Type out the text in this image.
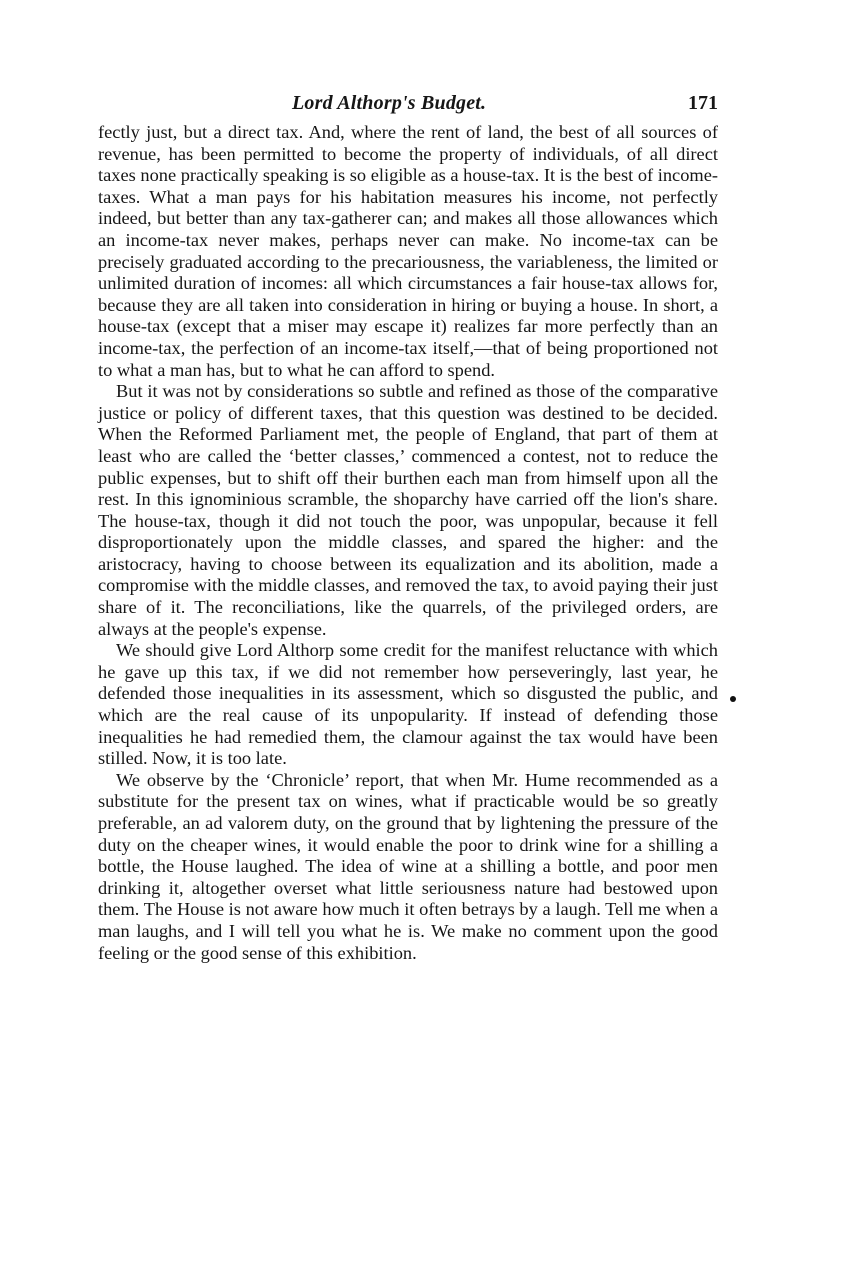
Lord Althorp's Budget.	171

fectly just, but a direct tax. And, where the rent of land, the best of all sources of revenue, has been permitted to become the property of individuals, of all direct taxes none practically speaking is so eligible as a house-tax. It is the best of income-taxes. What a man pays for his habitation measures his income, not perfectly indeed, but better than any tax-gatherer can; and makes all those allowances which an income-tax never makes, perhaps never can make. No income-tax can be precisely graduated according to the precariousness, the variableness, the limited or unlimited duration of incomes: all which circumstances a fair house-tax allows for, because they are all taken into consideration in hiring or buying a house. In short, a house-tax (except that a miser may escape it) realizes far more perfectly than an income-tax, the perfection of an income-tax itself,—that of being proportioned not to what a man has, but to what he can afford to spend.

But it was not by considerations so subtle and refined as those of the comparative justice or policy of different taxes, that this question was destined to be decided. When the Reformed Parliament met, the people of England, that part of them at least who are called the ‘better classes,’ commenced a contest, not to reduce the public expenses, but to shift off their burthen each man from himself upon all the rest. In this ignominious scramble, the shoparchy have carried off the lion's share. The house-tax, though it did not touch the poor, was unpopular, because it fell disproportionately upon the middle classes, and spared the higher: and the aristocracy, having to choose between its equalization and its abolition, made a compromise with the middle classes, and removed the tax, to avoid paying their just share of it. The reconciliations, like the quarrels, of the privileged orders, are always at the people's expense.

We should give Lord Althorp some credit for the manifest reluctance with which he gave up this tax, if we did not remember how perseveringly, last year, he defended those inequalities in its assessment, which so disgusted the public, and which are the real cause of its unpopularity. If instead of defending those inequalities he had remedied them, the clamour against the tax would have been stilled. Now, it is too late.

We observe by the ‘Chronicle’ report, that when Mr. Hume recommended as a substitute for the present tax on wines, what if practicable would be so greatly preferable, an ad valorem duty, on the ground that by lightening the pressure of the duty on the cheaper wines, it would enable the poor to drink wine for a shilling a bottle, the House laughed. The idea of wine at a shilling a bottle, and poor men drinking it, altogether overset what little seriousness nature had bestowed upon them. The House is not aware how much it often betrays by a laugh. Tell me when a man laughs, and I will tell you what he is. We make no comment upon the good feeling or the good sense of this exhibition.
